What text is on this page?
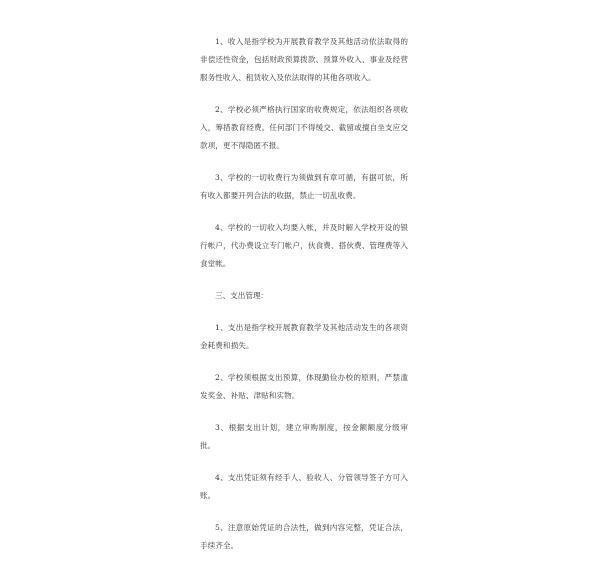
1、收入是指学校为开展教育教学及其他活动依法取得的非偿还性资金，包括财政预算拨款、预算外收入、事业及经营服务性收入、租赁收入及依法取得的其他各项收入。

2、学校必须严格执行国家的收费规定，依法组织各项收入，筹措教育经费。任何部门不得缓交、截留或擅自坐支应交款项，更不得隐匿不报。

3、学校的一切收费行为须做到有章可循，有据可依，所有收入都要开列合法的收据，禁止一切乱收费。

4、学校的一切收入均要入帐，并及时解入学校开设的银行帐户，代办费设立专门帐户，伙食费、搭伙费、管理费等入食堂帐。

三、支出管理：

1、支出是指学校开展教育教学及其他活动发生的各项资金耗费和损失。

2、学校须根据支出预算，体现勤俭办校的原则，严禁滥发奖金、补贴、津贴和实物。

3、根据支出计划，建立审购制度，按金额额度分级审批。

4、支出凭证须有经手人、验收人、分管领导签子方可入账。

5、注意原始凭证的合法性，做到内容完整，凭证合法，手续齐全。
